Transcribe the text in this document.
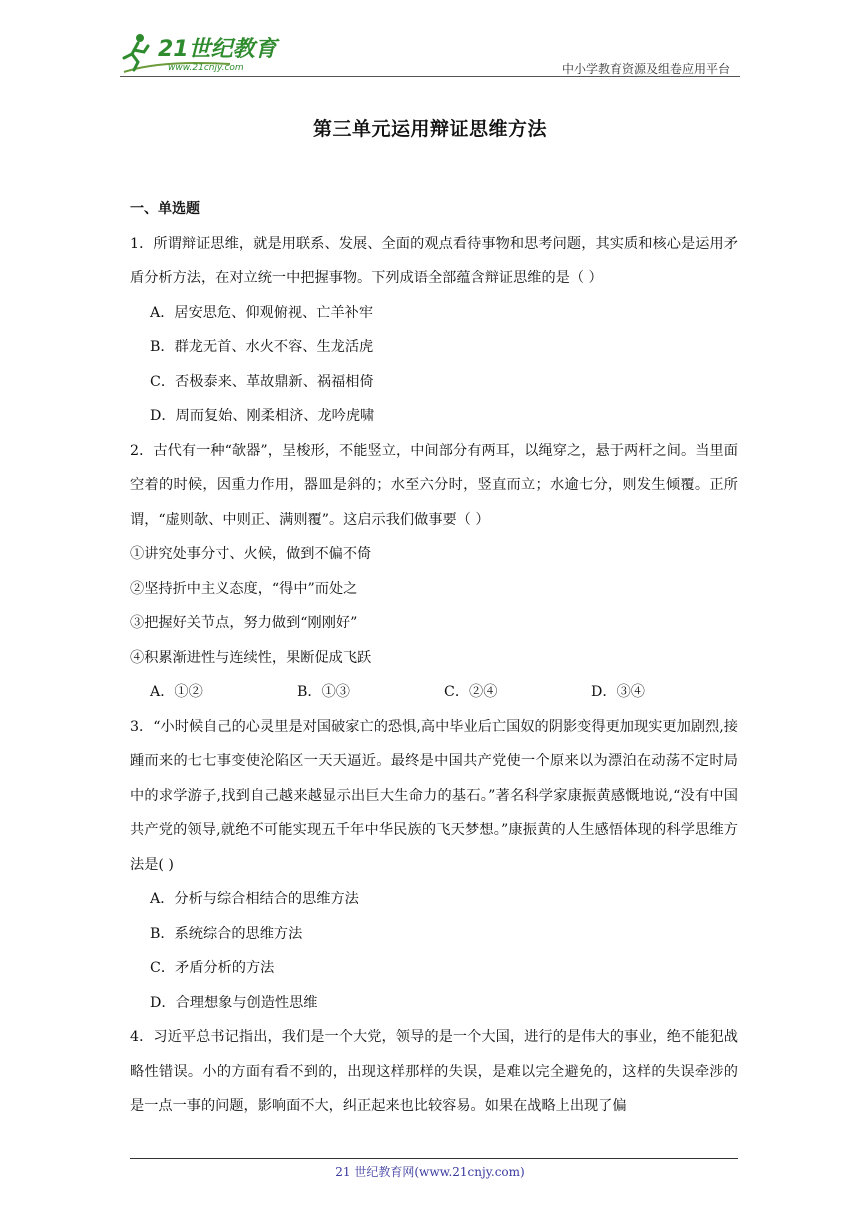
21世纪教育
www.21cnjy.com	中小学教育资源及组卷应用平台
第三单元运用辩证思维方法
一、单选题

1．所谓辩证思维，就是用联系、发展、全面的观点看待事物和思考问题，其实质和核心是运用矛盾分析方法，在对立统一中把握事物。下列成语全部蕴含辩证思维的是（ ）

A．居安思危、仰观俯视、亡羊补牢

B．群龙无首、水火不容、生龙活虎

C．否极泰来、革故鼎新、祸福相倚

D．周而复始、刚柔相济、龙吟虎啸

2．古代有一种“欹器”，呈梭形，不能竖立，中间部分有两耳，以绳穿之，悬于两杆之间。当里面空着的时候，因重力作用，器皿是斜的；水至六分时，竖直而立；水逾七分，则发生倾覆。正所谓，“虚则欹、中则正、满则覆”。这启示我们做事要（ ）

①讲究处事分寸、火候，做到不偏不倚

②坚持折中主义态度，“得中”而处之

③把握好关节点，努力做到“刚刚好”

④积累渐进性与连续性，果断促成飞跃

A．①②	B．①③	C．②④	D．③④

3．“小时候自己的心灵里是对国破家亡的恐惧,高中毕业后亡国奴的阴影变得更加现实更加剧烈,接踵而来的七七事变使沦陷区一天天逼近。最终是中国共产党使一个原来以为漂泊在动荡不定时局中的求学游子,找到自己越来越显示出巨大生命力的基石。”著名科学家康振黄感慨地说,“没有中国共产党的领导,就绝不可能实现五千年中华民族的飞天梦想。”康振黄的人生感悟体现的科学思维方法是( )

A．分析与综合相结合的思维方法

B．系统综合的思维方法

C．矛盾分析的方法

D．合理想象与创造性思维

4．习近平总书记指出，我们是一个大党，领导的是一个大国，进行的是伟大的事业，绝不能犯战略性错误。小的方面有看不到的，出现这样那样的失误，是难以完全避免的，这样的失误牵涉的是一点一事的问题，影响面不大，纠正起来也比较容易。如果在战略上出现了偏

21 世纪教育网(www.21cnjy.com)
